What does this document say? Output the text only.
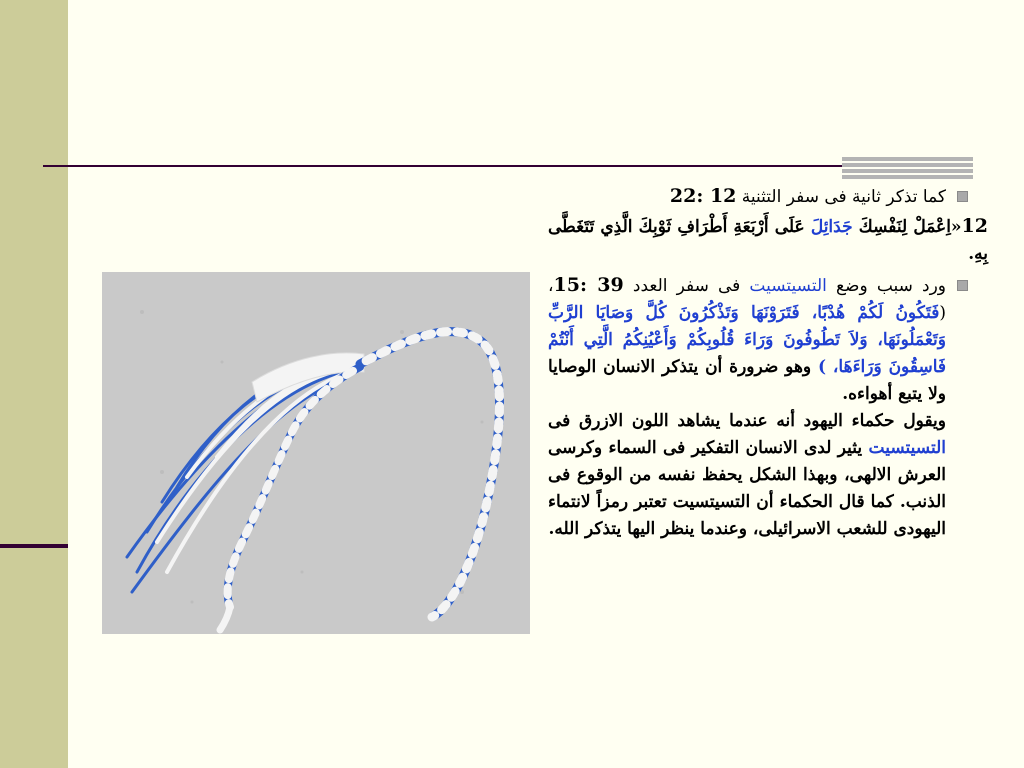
كما تذكر ثانية فى سفر التثنية 22: 12
12«اِعْمَلْ لِنَفْسِكَ جَدَائِلَ عَلَى أَرْبَعَةِ أَطْرَافِ ثَوْبِكَ الَّذِي تَتَغَطَّى بِهِ.
ورد سبب وضع التسيتسيت فى سفر العدد 15: 39،(فَتَكُونُ لَكُمْ هُدْبًا، فَتَرَوْنَهَا وَتَذْكُرُونَ كُلَّ وَصَايَا الرَّبِّ وَتَعْمَلُونَهَا، وَلاَ تَطُوفُونَ وَرَاءَ قُلُوبِكُمْ وَأَعْيُنِكُمُ الَّتِي أَنْتُمْ فَاسِقُونَ وَرَاءَهَا، ) وهو ضرورة أن يتذكر الانسان الوصايا ولا يتبع أهواءه.
ويقول حكماء اليهود أنه عندما يشاهد اللون الازرق فى التسيتسيت يثير لدى الانسان التفكير فى السماء وكرسى العرش الالهى، وبهذا الشكل يحفظ نفسه من الوقوع فى الذنب. كما قال الحكماء أن التسيتسيت تعتبر رمزاً لانتماء اليهودى للشعب الاسرائيلى، وعندما ينظر اليها يتذكر الله.
